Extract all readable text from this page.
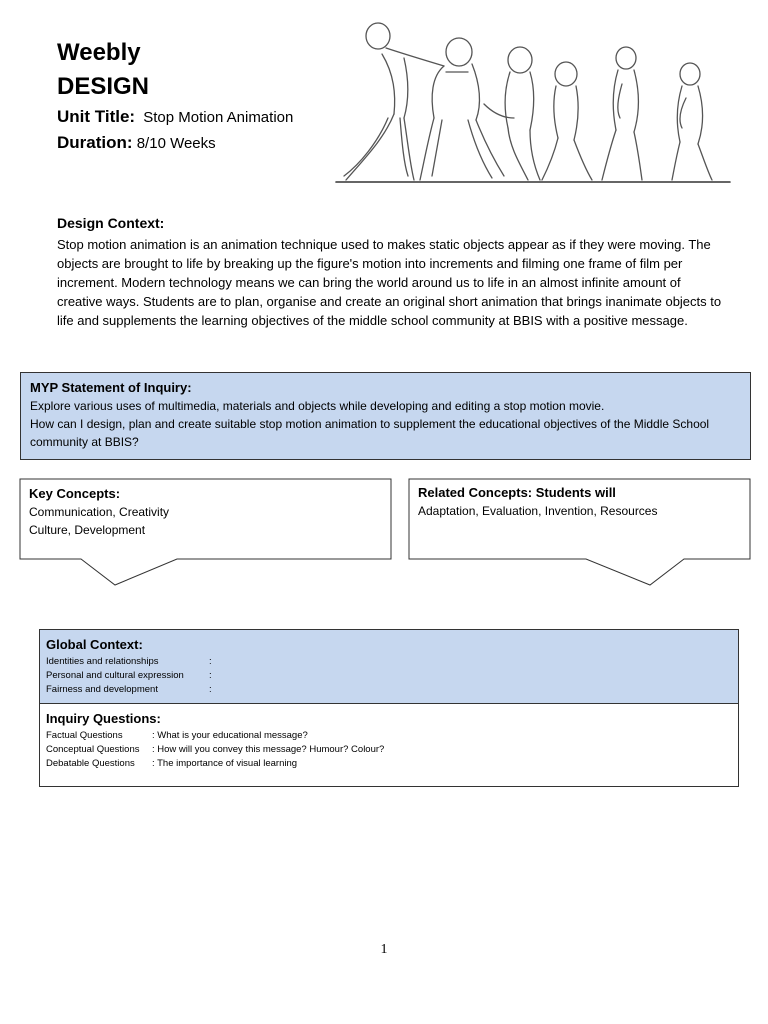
Weebly
DESIGN
Unit Title: Stop Motion Animation
Duration: 8/10 Weeks
Design Context:
Stop motion animation is an animation technique used to makes static objects appear as if they were moving. The objects are brought to life by breaking up the figure's motion into increments and filming one frame of film per increment. Modern technology means we can bring the world around us to life in an almost infinite amount of creative ways. Students are to plan, organise and create an original short animation that brings inanimate objects to life and supplements the learning objectives of the middle school community at BBIS with a positive message.
MYP Statement of Inquiry:
Explore various uses of multimedia, materials and objects while developing and editing a stop motion movie.
How can I design, plan and create suitable stop motion animation to supplement the educational objectives of the Middle School community at BBIS?
Key Concepts:
Communication, Creativity
Culture, Development
Related Concepts: Students will
Adaptation, Evaluation, Invention, Resources
Global Context:
Identities and relationships	:
Personal and cultural expression	:
Fairness and development	:
Inquiry Questions:
Factual Questions	: What is your educational message?
Conceptual Questions : How will you convey this message? Humour? Colour?
Debatable Questions : The importance of visual learning
1
